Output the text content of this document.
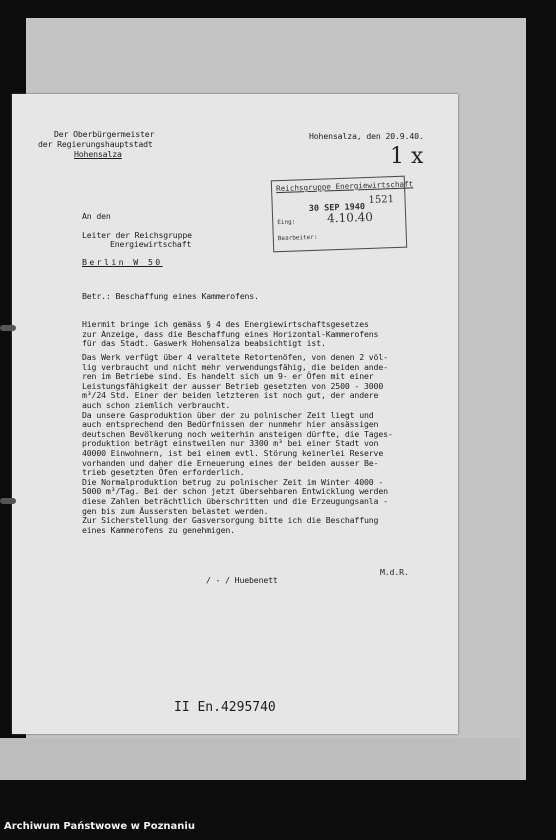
Der Oberbürgermeister
der Regierungshauptstadt
Hohensalza
Hohensalza, den 20.9.40.
1 x
Reichsgruppe Energiewirtschaft
30 SEP 1940
1521
Eing:	4.10.40
Bearbeiter:
An den
Leiter der Reichsgruppe
Energiewirtschaft
Berlin W 50
Betr.: Beschaffung eines Kammerofens.
Hiermit bringe ich gemäss § 4 des Energiewirtschaftsgesetzes
zur Anzeige, dass die Beschaffung eines Horizontal-Kammerofens
für das Stadt. Gaswerk Hohensalza beabsichtigt ist.
Das Werk verfügt über 4 veraltete Retortenöfen, von denen 2 völ-
lig verbraucht und nicht mehr verwendungsfähig, die beiden ande-
ren im Betriebe sind. Es handelt sich um 9- er Öfen mit einer
Leistungsfähigkeit der ausser Betrieb gesetzten von 2500 - 3000
m³/24 Std. Einer der beiden letzteren ist noch gut, der andere
auch schon ziemlich verbraucht.
Da unsere Gasproduktion über der zu polnischer Zeit liegt und
auch entsprechend den Bedürfnissen der nunmehr hier ansässigen
deutschen Bevölkerung noch weiterhin ansteigen dürfte, die Tages-
produktion beträgt einstweilen nur 3300 m³ bei einer Stadt von
40000 Einwohnern, ist bei einem evtl. Störung keinerlei Reserve
vorhanden und daher die Erneuerung eines der beiden ausser Be-
trieb gesetzten Öfen erforderlich.
Die Normalproduktion betrug zu polnischer Zeit im Winter 4000 -
5000 m³/Tag. Bei der schon jetzt übersehbaren Entwicklung werden
diese Zahlen beträchtlich überschritten und die Erzeugungsanla -
gen bis zum Äussersten belastet werden.
Zur Sicherstellung der Gasversorgung bitte ich die Beschaffung
eines Kammerofens zu genehmigen.
/ - / Huebenett
M.d.R.
II En.4295740
Archiwum Państwowe w Poznaniu
